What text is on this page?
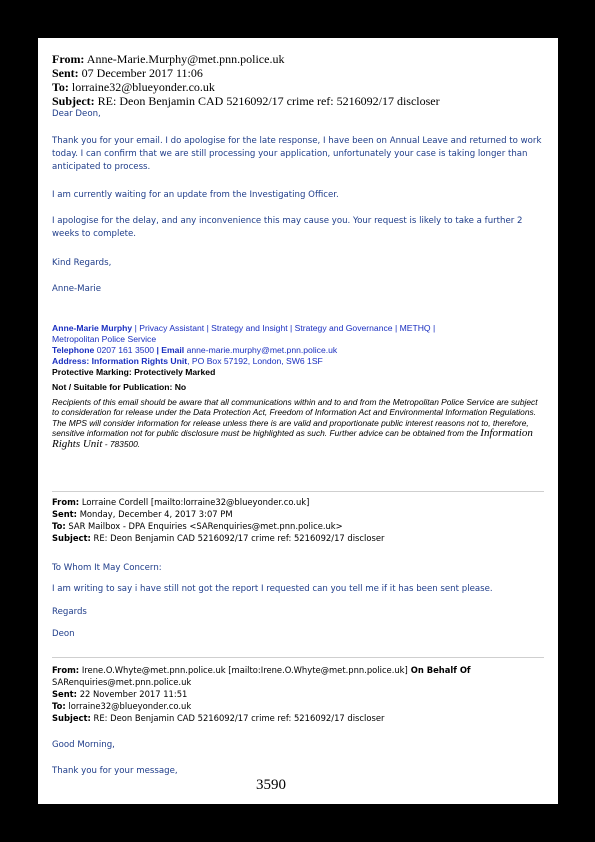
From: Anne-Marie.Murphy@met.pnn.police.uk
Sent: 07 December 2017 11:06
To: lorraine32@blueyonder.co.uk
Subject: RE: Deon Benjamin CAD 5216092/17 crime ref: 5216092/17 discloser
Dear Deon,
Thank you for your email. I do apologise for the late response, I have been on Annual Leave and returned to work today. I can confirm that we are still processing your application, unfortunately your case is taking longer than anticipated to process.
I am currently waiting for an update from the Investigating Officer.
I apologise for the delay, and any inconvenience this may cause you. Your request is likely to take a further 2 weeks to complete.
Kind Regards,
Anne-Marie
Anne-Marie Murphy | Privacy Assistant | Strategy and Insight | Strategy and Governance | METHQ |
Metropolitan Police Service
Telephone 0207 161 3500 | Email anne-marie.murphy@met.pnn.police.uk
Address: Information Rights Unit, PO Box 57192, London, SW6 1SF
Protective Marking: Protectively Marked
Not / Suitable for Publication: No
Recipients of this email should be aware that all communications within and to and from the Metropolitan Police Service are subject to consideration for release under the Data Protection Act, Freedom of Information Act and Environmental Information Regulations. The MPS will consider information for release unless there is are valid and proportionate public interest reasons not to, therefore, sensitive information not for public disclosure must be highlighted as such. Further advice can be obtained from the Information Rights Unit - 783500.
From: Lorraine Cordell [mailto:lorraine32@blueyonder.co.uk]
Sent: Monday, December 4, 2017 3:07 PM
To: SAR Mailbox - DPA Enquiries <SARenquiries@met.pnn.police.uk>
Subject: RE: Deon Benjamin CAD 5216092/17 crime ref: 5216092/17 discloser
To Whom It May Concern:
I am writing to say i have still not got the report I requested can you tell me if it has been sent please.
Regards
Deon
From: Irene.O.Whyte@met.pnn.police.uk [mailto:Irene.O.Whyte@met.pnn.police.uk] On Behalf Of
SARenquiries@met.pnn.police.uk
Sent: 22 November 2017 11:51
To: lorraine32@blueyonder.co.uk
Subject: RE: Deon Benjamin CAD 5216092/17 crime ref: 5216092/17 discloser
Good Morning,
Thank you for your message,
3590
